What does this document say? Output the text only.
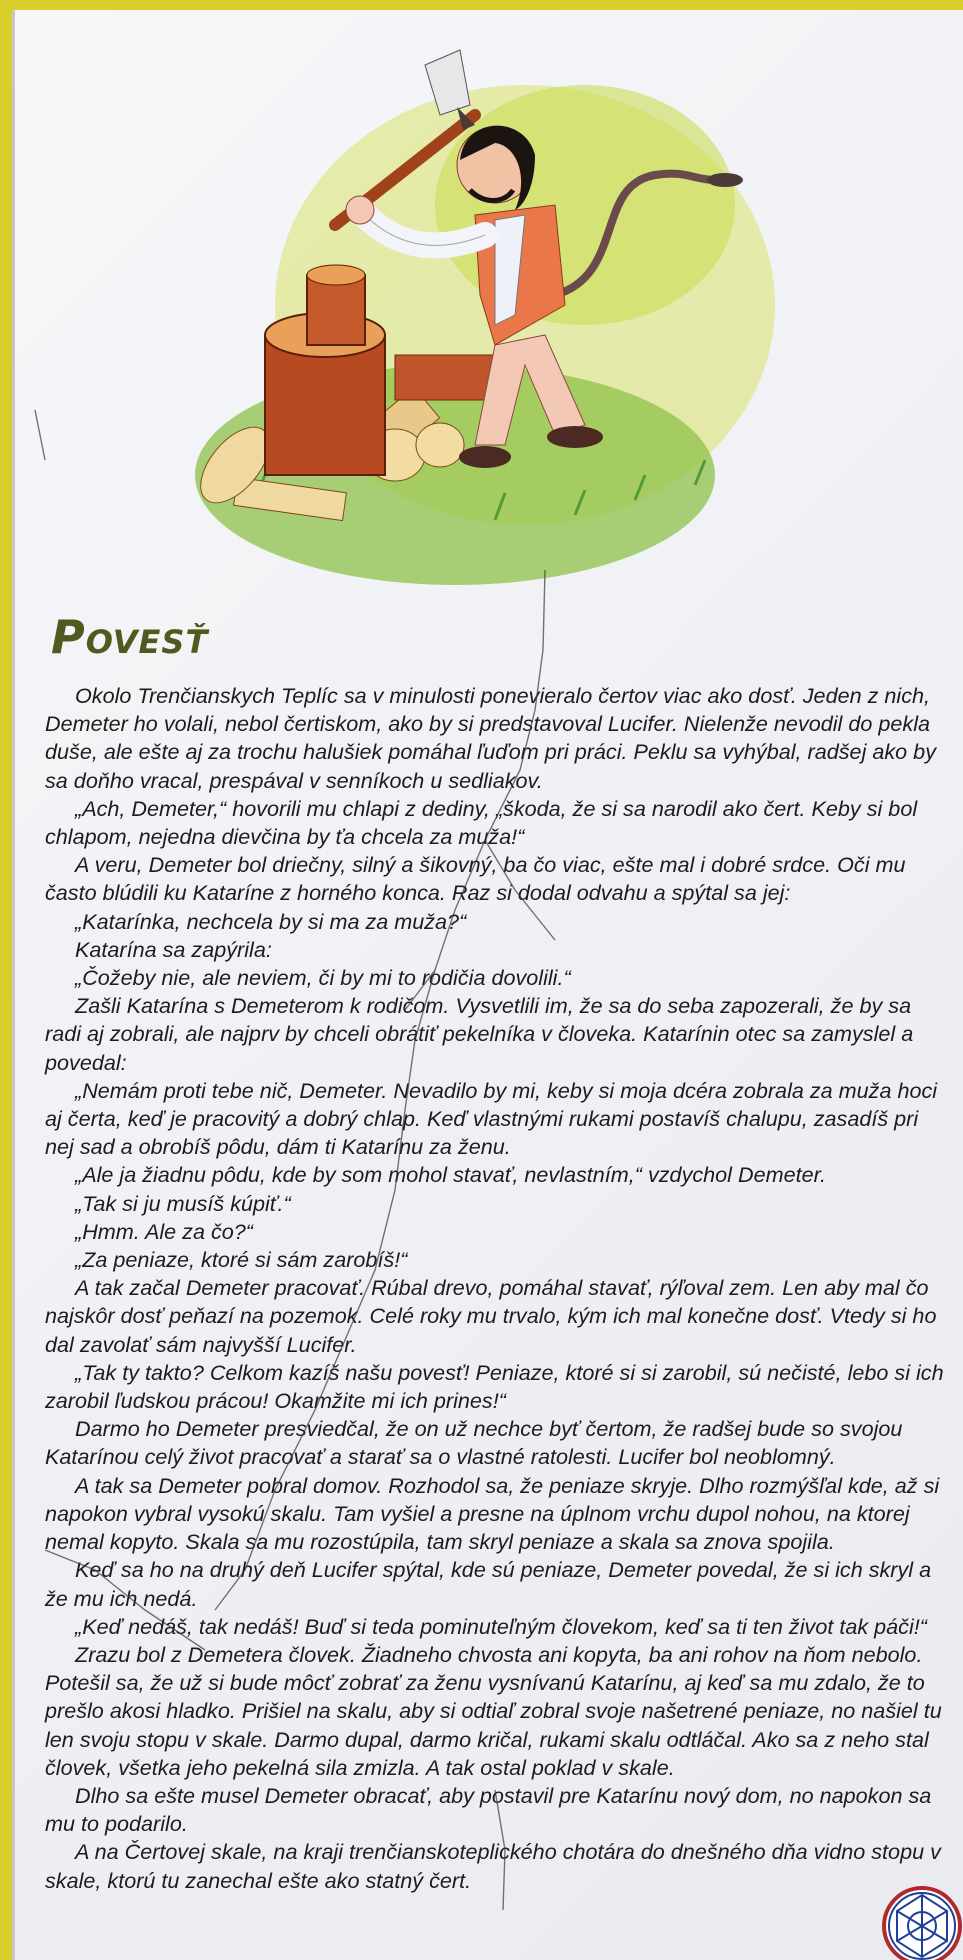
Povesť

Okolo Trenčianskych Teplíc sa v minulosti ponevieralo čertov viac ako dosť. Jeden z nich, Demeter ho volali, nebol čertiskom, ako by si predstavoval Lucifer. Nielenže nevodil do pekla duše, ale ešte aj za trochu halušiek pomáhal ľuďom pri práci. Peklu sa vyhýbal, radšej ako by sa doňho vracal, prespával v senníkoch u sedliakov.

„Ach, Demeter,“ hovorili mu chlapi z dediny, „škoda, že si sa narodil ako čert. Keby si bol chlapom, nejedna dievčina by ťa chcela za muža!“

A veru, Demeter bol driečny, silný a šikovný, ba čo viac, ešte mal i dobré srdce. Oči mu často blúdili ku Kataríne z horného konca. Raz si dodal odvahu a spýtal sa jej:

„Katarínka, nechcela by si ma za muža?“

Katarína sa zapýrila:

„Čožeby nie, ale neviem, či by mi to rodičia dovolili.“

Zašli Katarína s Demeterom k rodičom. Vysvetlili im, že sa do seba zapozerali, že by sa radi aj zobrali, ale najprv by chceli obrátiť pekelníka v človeka. Katarínin otec sa zamyslel a povedal:

„Nemám proti tebe nič, Demeter. Nevadilo by mi, keby si moja dcéra zobrala za muža hoci aj čerta, keď je pracovitý a dobrý chlap. Keď vlastnými rukami postavíš chalupu, zasadíš pri nej sad a obrobíš pôdu, dám ti Katarínu za ženu.

„Ale ja žiadnu pôdu, kde by som mohol stavať, nevlastním,“ vzdychol Demeter.

„Tak si ju musíš kúpiť.“

„Hmm. Ale za čo?“

„Za peniaze, ktoré si sám zarobíš!“

A tak začal Demeter pracovať. Rúbal drevo, pomáhal stavať, rýľoval zem. Len aby mal čo najskôr dosť peňazí na pozemok. Celé roky mu trvalo, kým ich mal konečne dosť. Vtedy si ho dal zavolať sám najvyšší Lucifer.

„Tak ty takto? Celkom kazíš našu povesť! Peniaze, ktoré si si zarobil, sú nečisté, lebo si ich zarobil ľudskou prácou! Okamžite mi ich prines!“

Darmo ho Demeter presviedčal, že on už nechce byť čertom, že radšej bude so svojou Katarínou celý život pracovať a starať sa o vlastné ratolesti. Lucifer bol neoblomný.

A tak sa Demeter pobral domov. Rozhodol sa, že peniaze skryje. Dlho rozmýšľal kde, až si napokon vybral vysokú skalu. Tam vyšiel a presne na úplnom vrchu dupol nohou, na ktorej nemal kopyto. Skala sa mu rozostúpila, tam skryl peniaze a skala sa znova spojila.

Keď sa ho na druhý deň Lucifer spýtal, kde sú peniaze, Demeter povedal, že si ich skryl a že mu ich nedá.

„Keď nedáš, tak nedáš! Buď si teda pominuteľným človekom, keď sa ti ten život tak páči!“

Zrazu bol z Demetera človek. Žiadneho chvosta ani kopyta, ba ani rohov na ňom nebolo. Potešil sa, že už si bude môcť zobrať za ženu vysnívanú Katarínu, aj keď sa mu zdalo, že to prešlo akosi hladko. Prišiel na skalu, aby si odtiaľ zobral svoje našetrené peniaze, no našiel tu len svoju stopu v skale. Darmo dupal, darmo kričal, rukami skalu odtláčal. Ako sa z neho stal človek, všetka jeho pekelná sila zmizla. A tak ostal poklad v skale.

Dlho sa ešte musel Demeter obracať, aby postavil pre Katarínu nový dom, no napokon sa mu to podarilo.

A na Čertovej skale, na kraji trenčianskoteplického chotára do dnešného dňa vidno stopu v skale, ktorú tu zanechal ešte ako statný čert.
